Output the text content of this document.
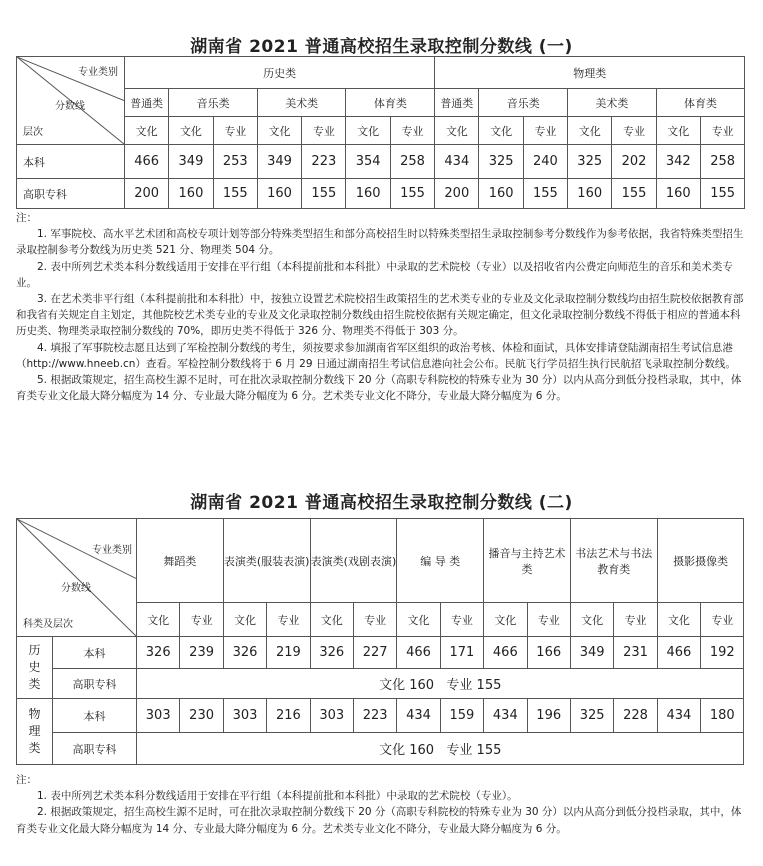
湖南省 2021 普通高校招生录取控制分数线 (一)
专业类别
分数线
层次	历史类							物理类						
	普通类	音乐类		美术类		体育类		普通类	音乐类		美术类		体育类	
	文化	文化	专业	文化	专业	文化	专业	文化	文化	专业	文化	专业	文化	专业
本科	466	349	253	349	223	354	258	434	325	240	325	202	342	258
高职专科	200	160	155	160	155	160	155	200	160	155	160	155	160	155

注：

1. 军事院校、高水平艺术团和高校专项计划等部分特殊类型招生和部分高校招生时以特殊类型招生录取控制参考分数线作为参考依据，我省特殊类型招生录取控制参考分数线为历史类 521 分、物理类 504 分。

2. 表中所列艺术类本科分数线适用于安排在平行组（本科提前批和本科批）中录取的艺术院校（专业）以及招收省内公费定向师范生的音乐和美术类专业。

3. 在艺术类非平行组（本科提前批和本科批）中，按独立设置艺术院校招生政策招生的艺术类专业的专业及文化录取控制分数线均由招生院校依据教育部和我省有关规定自主划定，其他院校艺术类专业的专业及文化录取控制分数线由招生院校依据有关规定确定，但文化录取控制分数线不得低于相应的普通本科历史类、物理类录取控制分数线的 70%，即历史类不得低于 326 分、物理类不得低于 303 分。

4. 填报了军事院校志愿且达到了军检控制分数线的考生，须按要求参加湖南省军区组织的政治考核、体检和面试，具体安排请登陆湖南招生考试信息港（http://www.hneeb.cn）查看。军检控制分数线将于 6 月 29 日通过湖南招生考试信息港向社会公布。民航飞行学员招生执行民航招飞录取控制分数线。

5. 根据政策规定，招生高校生源不足时，可在批次录取控制分数线下 20 分（高职专科院校的特殊专业为 30 分）以内从高分到低分投档录取，其中，体育类专业文化最大降分幅度为 14 分、专业最大降分幅度为 6 分。艺术类专业文化不降分，专业最大降分幅度为 6 分。

湖南省 2021 普通高校招生录取控制分数线 (二)
专业类别
分数线
科类及层次		舞蹈类		表演类(服装表演)		表演类(戏剧表演)		编 导 类		播音与主持艺术类		书法艺术与书法教育类		摄影摄像类	
		文化	专业	文化	专业	文化	专业	文化	专业	文化	专业	文化	专业	文化	专业
历史类	本科	326	239	326	219	326	227	466	171	466	166	349	231	466	192
	高职专科	文化 160   专业 155													
物理类	本科	303	230	303	216	303	223	434	159	434	196	325	228	434	180
	高职专科	文化 160   专业 155													

注：

1. 表中所列艺术类本科分数线适用于安排在平行组（本科提前批和本科批）中录取的艺术院校（专业）。

2. 根据政策规定，招生高校生源不足时，可在批次录取控制分数线下 20 分（高职专科院校的特殊专业为 30 分）以内从高分到低分投档录取，其中，体育类专业文化最大降分幅度为 14 分、专业最大降分幅度为 6 分。艺术类专业文化不降分，专业最大降分幅度为 6 分。
